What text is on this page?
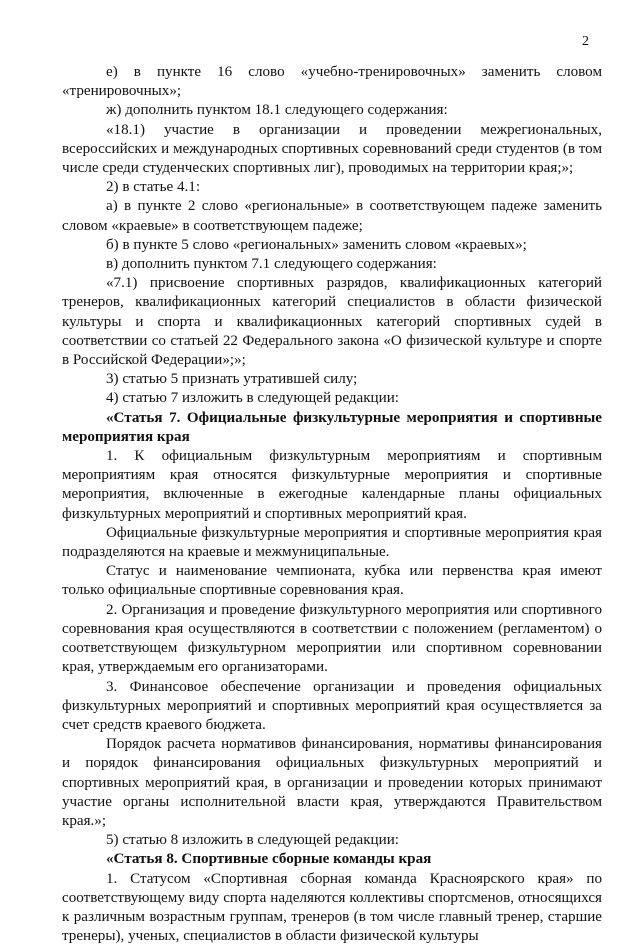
2

е) в пункте 16 слово «учебно-тренировочных» заменить словом «тренировочных»;

ж) дополнить пунктом 18.1 следующего содержания:

«18.1) участие в организации и проведении межрегиональных, всероссийских и международных спортивных соревнований среди студентов (в том числе среди студенческих спортивных лиг), проводимых на территории края;»;

2) в статье 4.1:

а) в пункте 2 слово «региональные» в соответствующем падеже заменить словом «краевые» в соответствующем падеже;

б) в пункте 5 слово «региональных» заменить словом «краевых»;

в) дополнить пунктом 7.1 следующего содержания:

«7.1) присвоение спортивных разрядов, квалификационных категорий тренеров, квалификационных категорий специалистов в области физической культуры и спорта и квалификационных категорий спортивных судей в соответствии со статьей 22 Федерального закона «О физической культуре и спорте в Российской Федерации»;»;

3) статью 5 признать утратившей силу;

4) статью 7 изложить в следующей редакции:

«Статья 7. Официальные физкультурные мероприятия и спортивные мероприятия края

1. К официальным физкультурным мероприятиям и спортивным мероприятиям края относятся физкультурные мероприятия и спортивные мероприятия, включенные в ежегодные календарные планы официальных физкультурных мероприятий и спортивных мероприятий края.

Официальные физкультурные мероприятия и спортивные мероприятия края подразделяются на краевые и межмуниципальные.

Статус и наименование чемпионата, кубка или первенства края имеют только официальные спортивные соревнования края.

2. Организация и проведение физкультурного мероприятия или спортивного соревнования края осуществляются в соответствии с положением (регламентом) о соответствующем физкультурном мероприятии или спортивном соревновании края, утверждаемым его организаторами.

3. Финансовое обеспечение организации и проведения официальных физкультурных мероприятий и спортивных мероприятий края осуществляется за счет средств краевого бюджета.

Порядок расчета нормативов финансирования, нормативы финансирования и порядок финансирования официальных физкультурных мероприятий и спортивных мероприятий края, в организации и проведении которых принимают участие органы исполнительной власти края, утверждаются Правительством края.»;

5) статью 8 изложить в следующей редакции:

«Статья 8. Спортивные сборные команды края

1. Статусом «Спортивная сборная команда Красноярского края» по соответствующему виду спорта наделяются коллективы спортсменов, относящихся к различным возрастным группам, тренеров (в том числе главный тренер, старшие тренеры), ученых, специалистов в области физической культуры
